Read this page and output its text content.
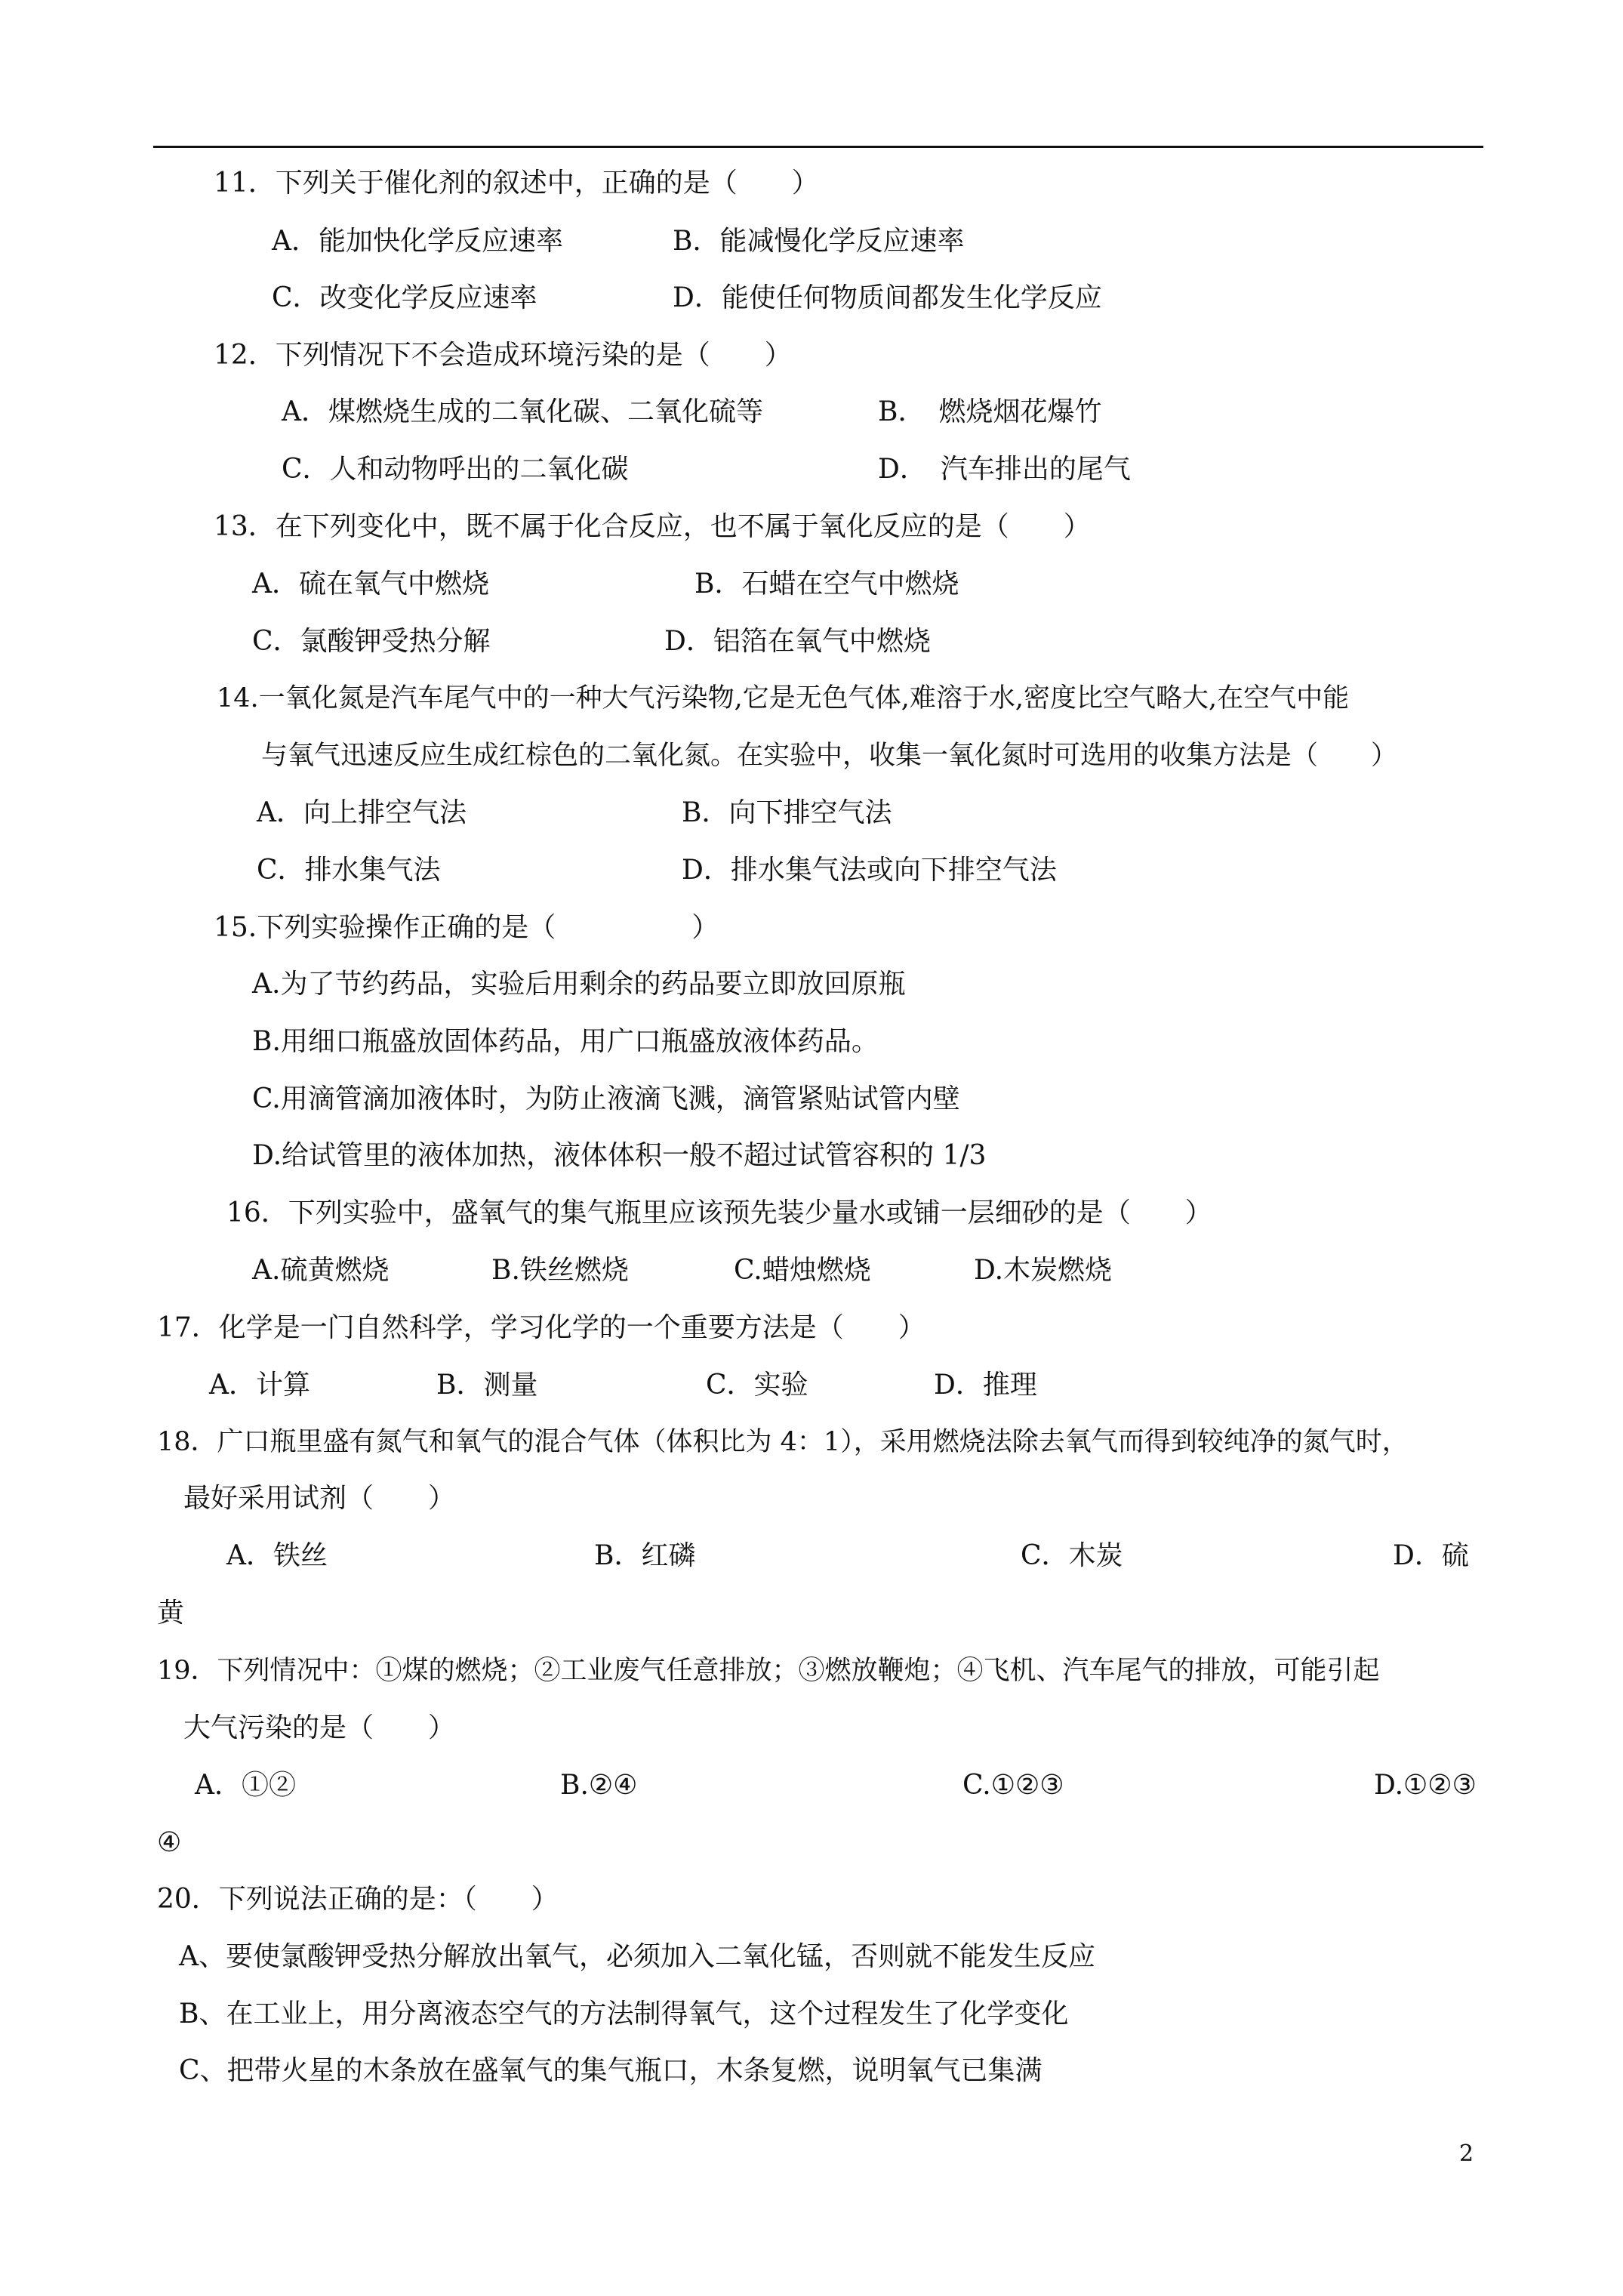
11．下列关于催化剂的叙述中，正确的是（　　）
A．能加快化学反应速率	B．能减慢化学反应速率
C．改变化学反应速率	D．能使任何物质间都发生化学反应
12．下列情况下不会造成环境污染的是（　　）
A．煤燃烧生成的二氧化碳、二氧化硫等	B．　燃烧烟花爆竹
C．人和动物呼出的二氧化碳	D．　汽车排出的尾气
13．在下列变化中，既不属于化合反应，也不属于氧化反应的是（　　）
A．硫在氧气中燃烧	B．石蜡在空气中燃烧
C．氯酸钾受热分解	D．铝箔在氧气中燃烧
14.一氧化氮是汽车尾气中的一种大气污染物,它是无色气体,难溶于水,密度比空气略大,在空气中能
与氧气迅速反应生成红棕色的二氧化氮。在实验中，收集一氧化氮时可选用的收集方法是（　　）
A．向上排空气法	B．向下排空气法
C．排水集气法	D．排水集气法或向下排空气法
15.下列实验操作正确的是（　　　　　）
A.为了节约药品，实验后用剩余的药品要立即放回原瓶
B.用细口瓶盛放固体药品，用广口瓶盛放液体药品。
C.用滴管滴加液体时，为防止液滴飞溅，滴管紧贴试管内壁
D.给试管里的液体加热，液体体积一般不超过试管容积的 1/3
16．下列实验中，盛氧气的集气瓶里应该预先装少量水或铺一层细砂的是（　　）
A.硫黄燃烧	B.铁丝燃烧	C.蜡烛燃烧	D.木炭燃烧
17．化学是一门自然科学，学习化学的一个重要方法是（　　）
A．计算	B．测量	C．实验	D．推理
18．广口瓶里盛有氮气和氧气的混合气体（体积比为 4：1），采用燃烧法除去氧气而得到较纯净的氮气时，
最好采用试剂（　　）
A．铁丝	B．红磷	C．木炭	D．硫
黄
19．下列情况中：①煤的燃烧；②工业废气任意排放；③燃放鞭炮；④飞机、汽车尾气的排放，可能引起
大气污染的是（　　）
A．①②	B.②④	C.①②③	D.①②③
④
20．下列说法正确的是：（　　）
A、要使氯酸钾受热分解放出氧气，必须加入二氧化锰，否则就不能发生反应
B、在工业上，用分离液态空气的方法制得氧气，这个过程发生了化学变化
C、把带火星的木条放在盛氧气的集气瓶口，木条复燃，说明氧气已集满
2
